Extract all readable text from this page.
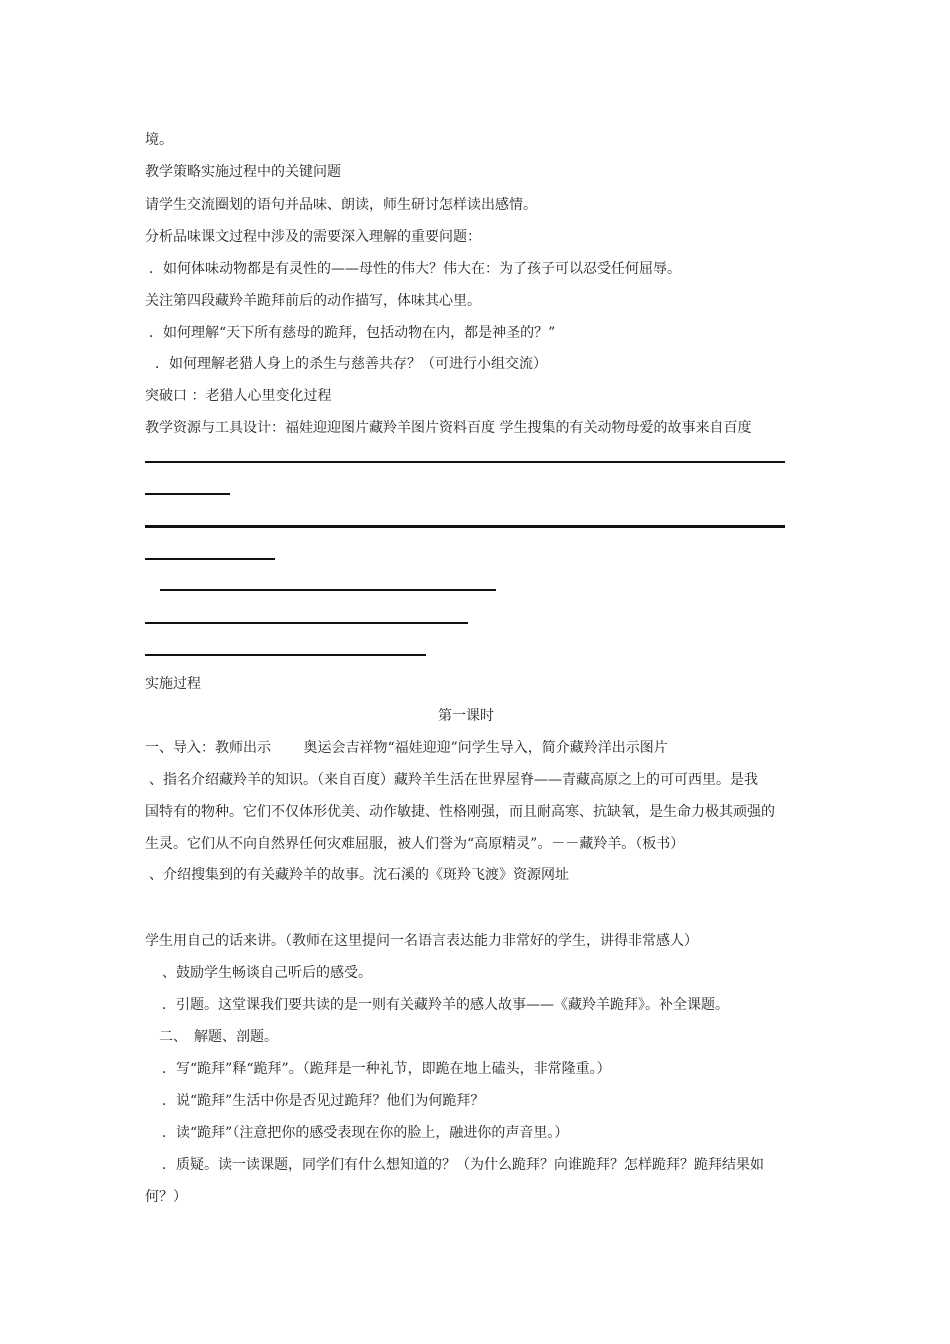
境。
教学策略实施过程中的关键问题
请学生交流圈划的语句并品味、朗读，师生研讨怎样读出感情。
分析品味课文过程中涉及的需要深入理解的重要问题：
．如何体味动物都是有灵性的——母性的伟大？伟大在：为了孩子可以忍受任何屈辱。
关注第四段藏羚羊跪拜前后的动作描写，体味其心里。
．如何理解“天下所有慈母的跪拜，包括动物在内，都是神圣的？”
．如何理解老猎人身上的杀生与慈善共存？（可进行小组交流）
突破口 ：老猎人心里变化过程
教学资源与工具设计：福娃迎迎图片藏羚羊图片资料百度 学生搜集的有关动物母爱的故事来自百度
实施过程
第一课时
一、导入：教师出示　　 奥运会吉祥物“福娃迎迎”问学生导入，简介藏羚洋出示图片
、指名介绍藏羚羊的知识。（来自百度）藏羚羊生活在世界屋脊——青藏高原之上的可可西里。是我
国特有的物种。它们不仅体形优美、动作敏捷、性格刚强，而且耐高寒、抗缺氧，是生命力极其顽强的
生灵。它们从不向自然界任何灾难屈服，被人们誉为“高原精灵”。－－藏羚羊。（板书）
、介绍搜集到的有关藏羚羊的故事。沈石溪的《斑羚飞渡》资源网址
学生用自己的话来讲。（教师在这里提问一名语言表达能力非常好的学生，讲得非常感人）
、鼓励学生畅谈自己听后的感受。
．引题。这堂课我们要共读的是一则有关藏羚羊的感人故事——《藏羚羊跪拜》。补全课题。
二、　解题、剖题。
．写“跪拜”释“跪拜”。（跪拜是一种礼节，即跪在地上磕头，非常隆重。）
．说“跪拜”生活中你是否见过跪拜？他们为何跪拜？
．读“跪拜”（注意把你的感受表现在你的脸上，融进你的声音里。）
．质疑。读一读课题，同学们有什么想知道的？（为什么跪拜？向谁跪拜？怎样跪拜？跪拜结果如
何？）
